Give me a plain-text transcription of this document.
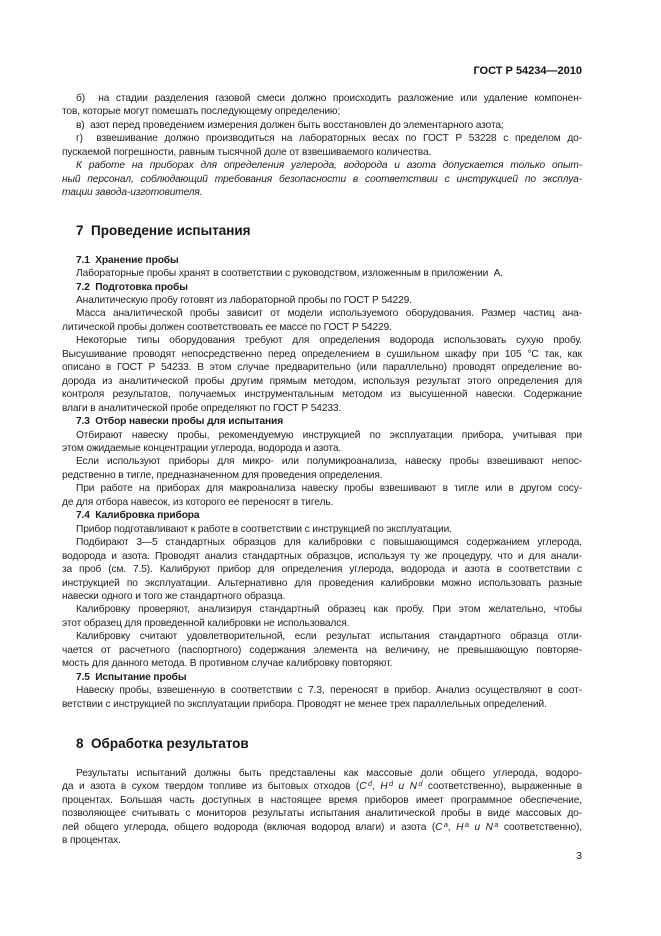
ГОСТ Р 54234—2010
б)  на стадии разделения газовой смеси должно происходить разложение или удаление компонен-
тов, которые могут помешать последующему определению;
в)  азот перед проведением измерения должен быть восстановлен до элементарного азота;
г)  взвешивание должно производиться на лабораторных весах по ГОСТ Р 53228 с пределом до-
пускаемой погрешности, равным тысячной доле от взвешиваемого количества.
К работе на приборах для определения углерода, водорода и азота допускается только опыт-
ный персонал, соблюдающий требования безопасности в соответствии с инструкцией по эксплуа-
тации завода-изготовителя.
7  Проведение испытания
7.1  Хранение пробы
Лабораторные пробы хранят в соответствии с руководством, изложенным в приложении  А.
7.2  Подготовка пробы
Аналитическую пробу готовят из лабораторной пробы по ГОСТ Р 54229.
Масса аналитической пробы зависит от модели используемого оборудования. Размер частиц ана-
литической пробы должен соответствовать ее массе по ГОСТ Р 54229.
Некоторые типы оборудования требуют для определения водорода использовать сухую пробу.
Высушивание проводят непосредственно перед определением в сушильном шкафу при 105 °C так, как
описано в ГОСТ Р 54233. В этом случае предварительно (или параллельно) проводят определение во-
дорода из аналитической пробы другим прямым методом, используя результат этого определения для
контроля результатов, получаемых инструментальным методом из высушенной навески. Содержание
влаги в аналитической пробе определяют по ГОСТ Р 54233.
7.3  Отбор навески пробы для испытания
Отбирают навеску пробы, рекомендуемую инструкцией по эксплуатации прибора, учитывая при
этом ожидаемые концентрации углерода, водорода и азота.
Если используют приборы для микро- или полумикроанализа, навеску пробы взвешивают непос-
редственно в тигле, предназначенном для проведения определения.
При работе на приборах для макроанализа навеску пробы взвешивают в тигле или в другом сосу-
де для отбора навесок, из которого ее переносят в тигель.
7.4  Калибровка прибора
Прибор подготавливают к работе в соответствии с инструкцией по эксплуатации.
Подбирают 3—5 стандартных образцов для калибровки с повышающимся содержанием углерода,
водорода и азота. Проводят анализ стандартных образцов, используя ту же процедуру, что и для анали-
за проб (см. 7.5). Калибруют прибор для определения углерода, водорода и азота в соответствии с
инструкцией по эксплуатации. Альтернативно для проведения калибровки можно использовать разные
навески одного и того же стандартного образца.
Калибровку проверяют, анализируя стандартный образец как пробу. При этом желательно, чтобы
этот образец для проведенной калибровки не использовался.
Калибровку считают удовлетворительной, если результат испытания стандартного образца отли-
чается от расчетного (паспортного) содержания элемента на величину, не превышающую повторяе-
мость для данного метода. В противном случае калибровку повторяют.
7.5  Испытание пробы
Навеску пробы, взвешенную в соответствии с 7.3, переносят в прибор. Анализ осуществляют в соот-
ветствии с инструкцией по эксплуатации прибора. Проводят не менее трех параллельных определений.
8  Обработка результатов
Результаты испытаний должны быть представлены как массовые доли общего углерода, водоро-
да и азота в сухом твердом топливе из бытовых отходов (C $^d$, H $^d$ и N $^d$ соответственно), выраженные в
процентах. Большая часть доступных в настоящее время приборов имеет программное обеспечение,
позволяющее считывать с мониторов результаты испытания аналитической пробы в виде массовых до-
лей общего углерода, общего водорода (включая водород влаги) и азота (C $^a$, H $^a$ и N $^a$ соответственно),
в процентах.
3
